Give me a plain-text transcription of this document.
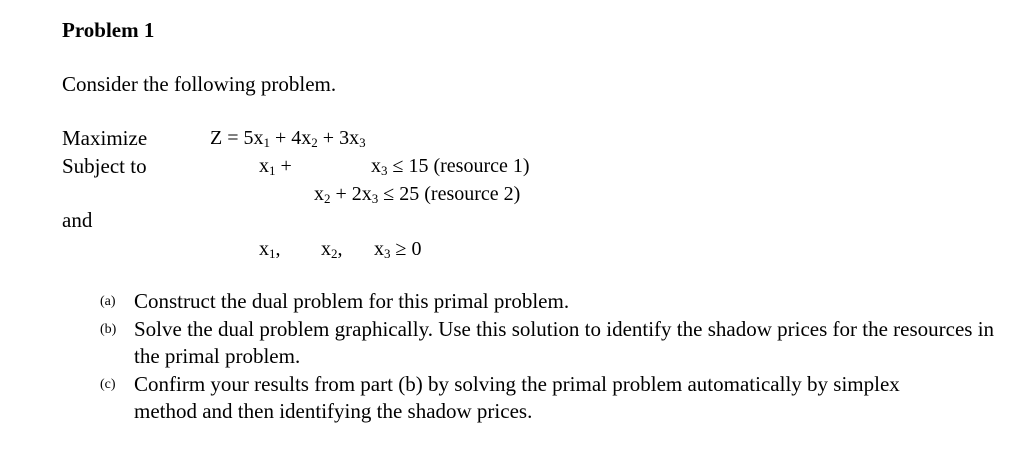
Problem 1
Consider the following problem.
Maximize
Subject to
and
Z = 5x1 + 4x2 + 3x3
x1 +	x3 ≤ 15 (resource 1)
x2 + 2x3 ≤ 25 (resource 2)
x1, x2, x3 ≥ 0
(a) Construct the dual problem for this primal problem.
(b) Solve the dual problem graphically. Use this solution to identify the shadow prices for the resources in the primal problem.
(c) Confirm your results from part (b) by solving the primal problem automatically by simplex method and then identifying the shadow prices.
